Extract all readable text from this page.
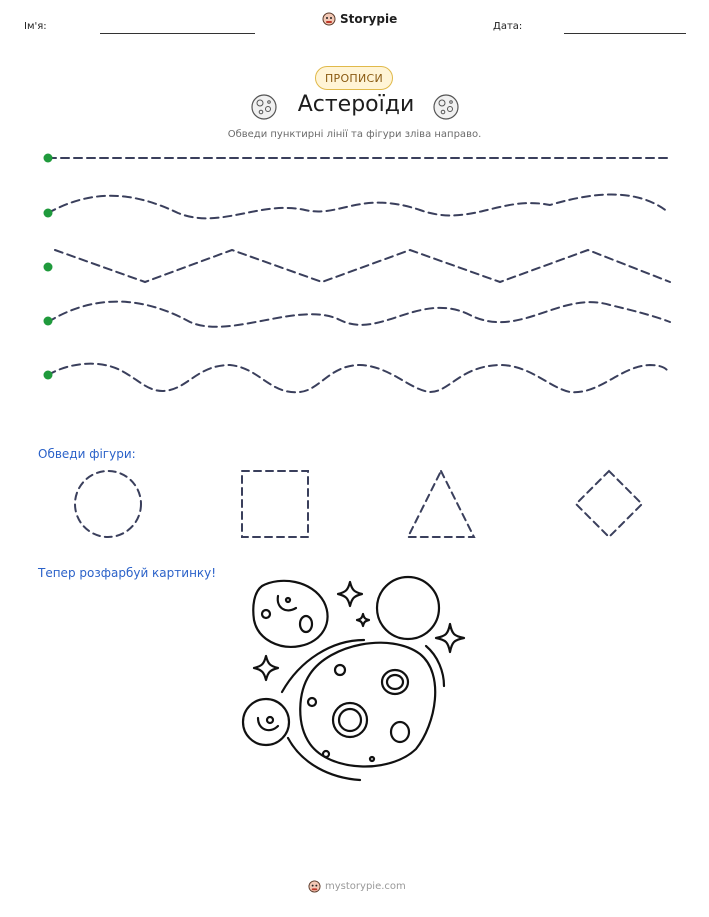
Ім'я:
Storypie
Дата:
ПРОПИСИ
Астероїди
Обведи пунктирні лінії та фігури зліва направо.
Обведи фігури:
Тепер розфарбуй картинку!
mystorypie.com
